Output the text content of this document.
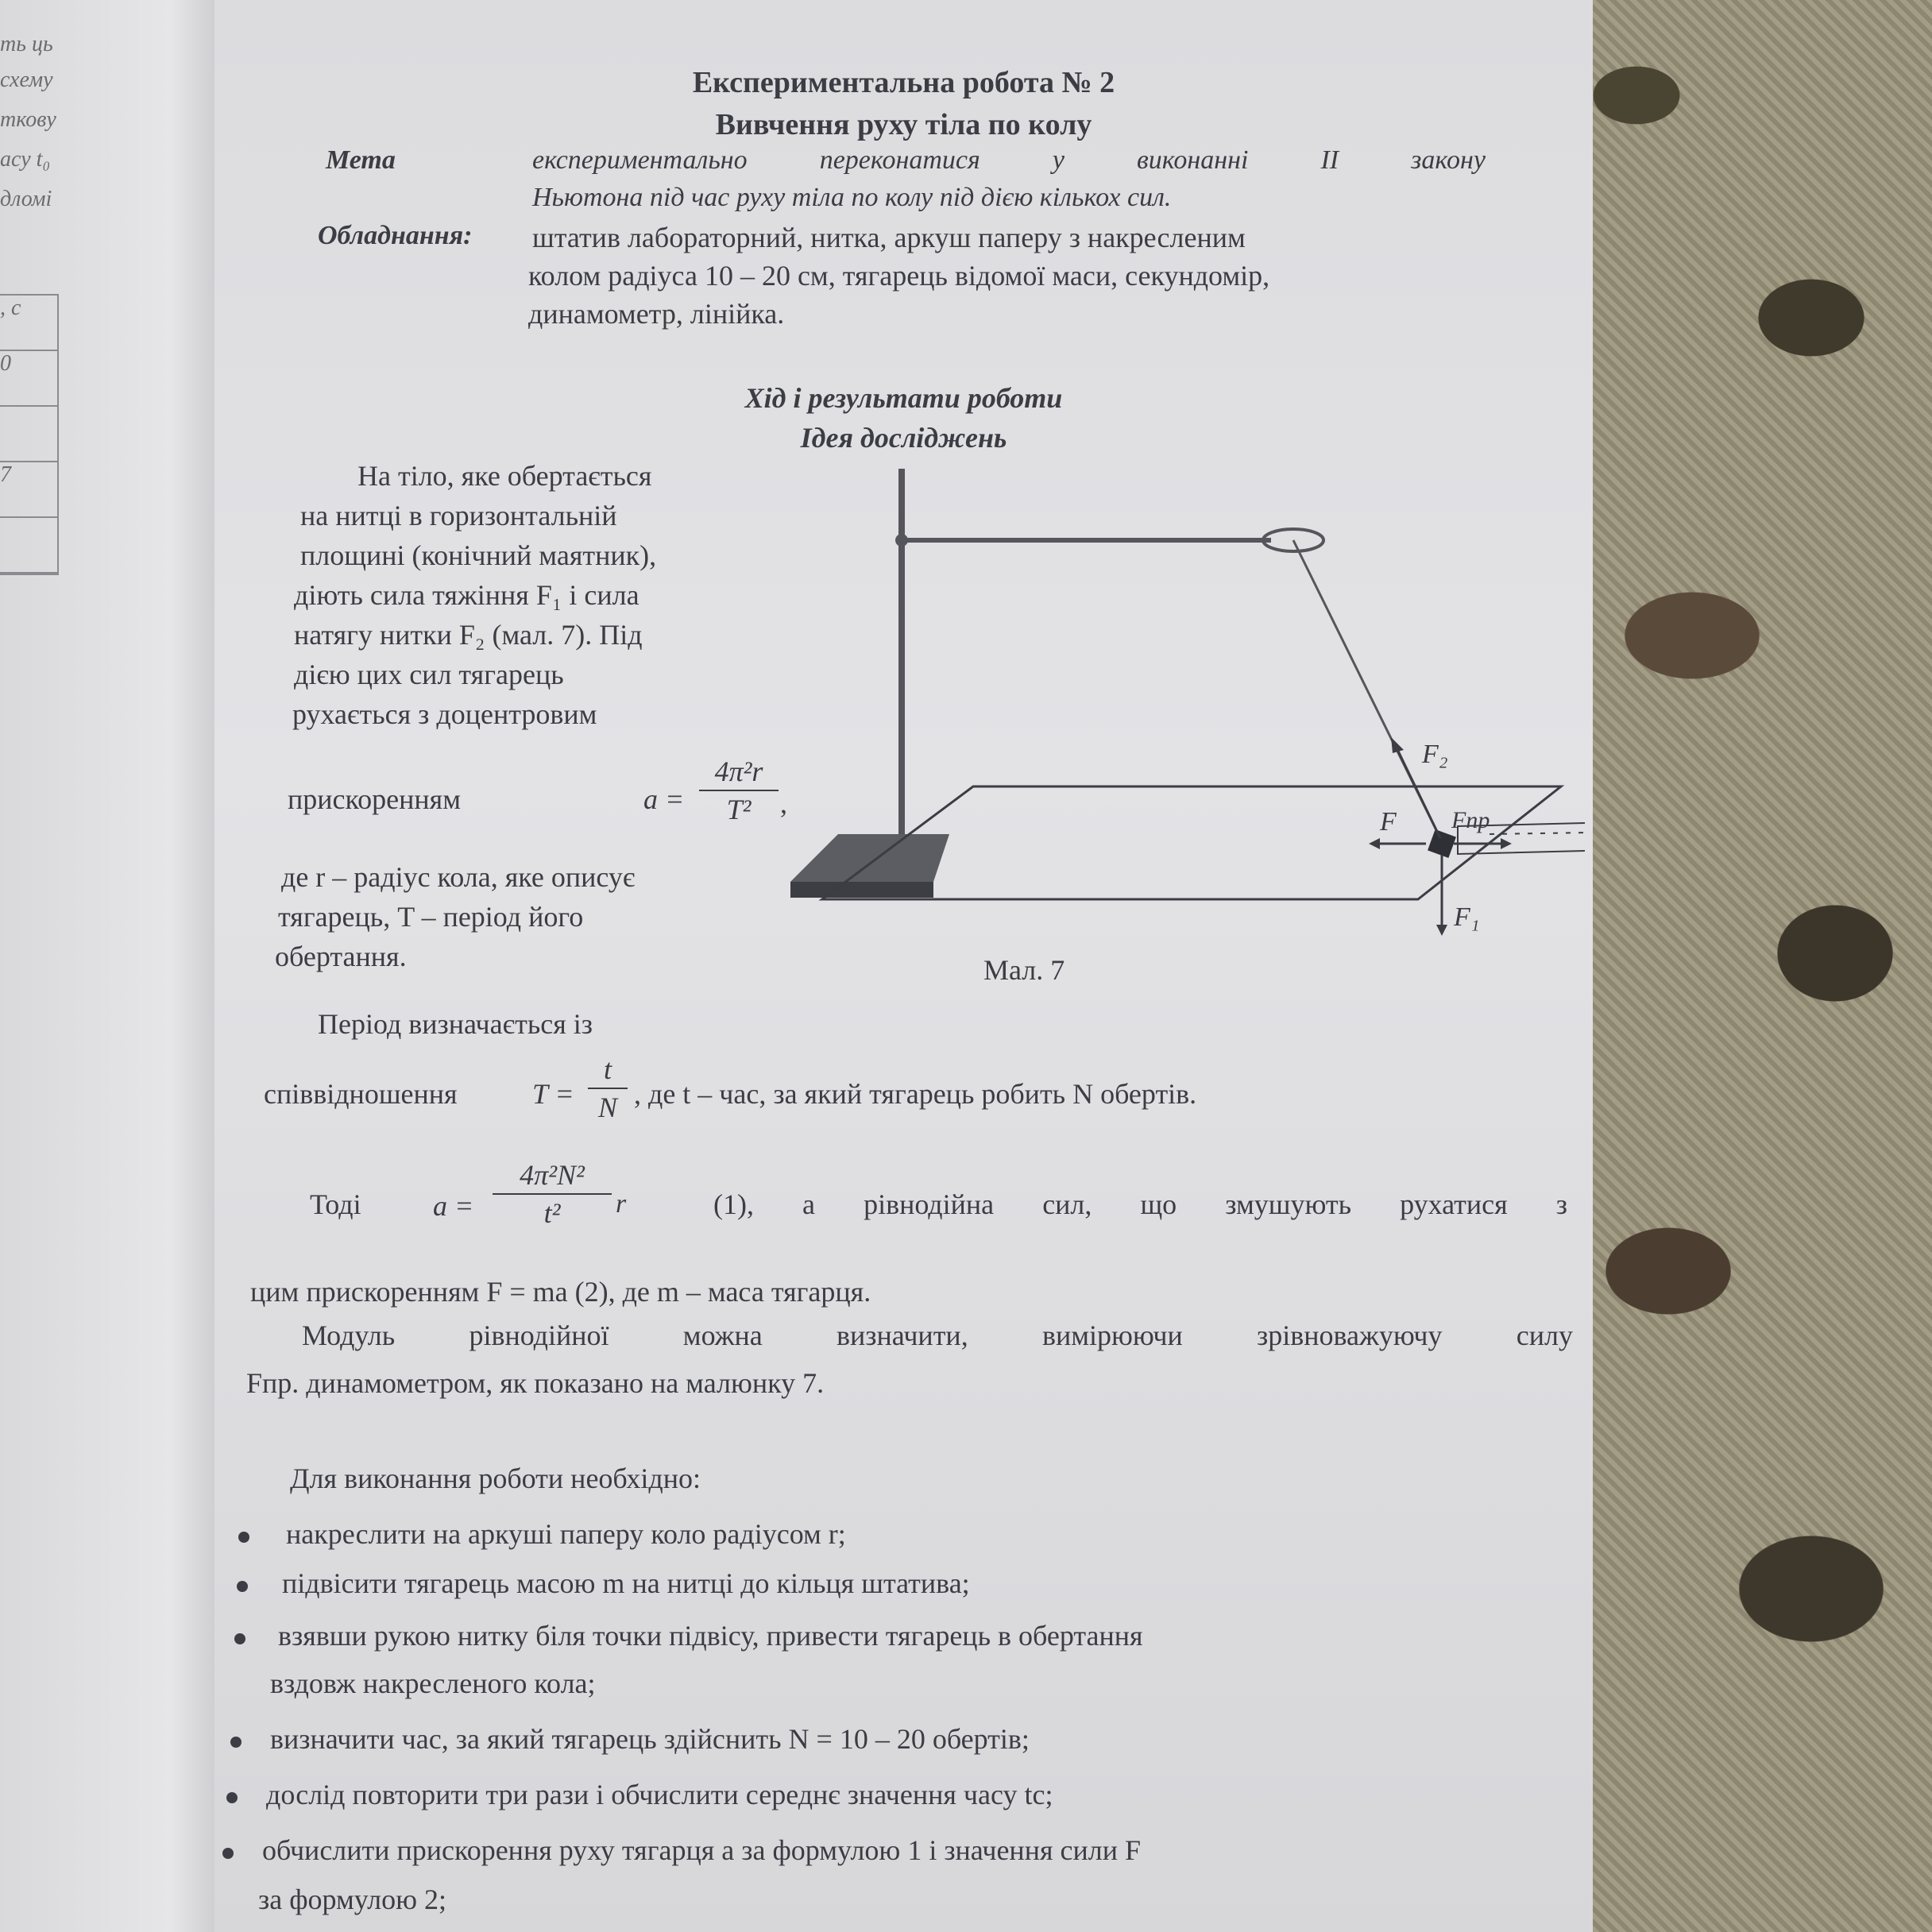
ть ць
схему
ткову
асу t₀
дломі
, с
0
7
Експериментальна робота № 2
Вивчення руху тіла по колу
Мета	експериментально переконатися у виконанні ІІ закону
Ньютона під час руху тіла по колу під дією кількох сил.
Обладнання: штатив лабораторний, нитка, аркуш паперу з накресленим
колом радіуса 10 – 20 см, тягарець відомої маси, секундомір,
динамометр, лінійка.
Хід і результати роботи
Ідея досліджень
На тіло, яке обертається
на нитці в горизонтальній
площині (конічний маятник),
діють сила тяжіння F₁ і сила
натягу нитки F₂ (мал. 7). Під
дією цих сил тягарець
рухається з доцентровим
прискоренням	a =
4π²r
T²	,
де r – радіус кола, яке описує
тягарець, T – період його
обертання.
F₂
F Fпр
F₁
Мал. 7
Період визначається із
співвідношення	T =
t
N , де t – час, за який тягарець робить N обертів.
Тоді	a =
4π²N²
t²	r	(1), а рівнодійна сил, що змушують рухатися з
цим прискоренням F = ma (2), де m – маса тягарця.
Модуль рівнодійної можна визначити, вимірюючи зрівноважуючу силу
Fпр. динамометром, як показано на малюнку 7.
Для виконання роботи необхідно:
накреслити на аркуші паперу коло радіусом r;
підвісити тягарець масою m на нитці до кільця штатива;
взявши рукою нитку біля точки підвісу, привести тягарець в обертання
вздовж накресленого кола;
визначити час, за який тягарець здійснить N = 10 – 20 обертів;
дослід повторити три рази і обчислити середнє значення часу tc;
обчислити прискорення руху тягарця a за формулою 1 і значення сили F
за формулою 2;
